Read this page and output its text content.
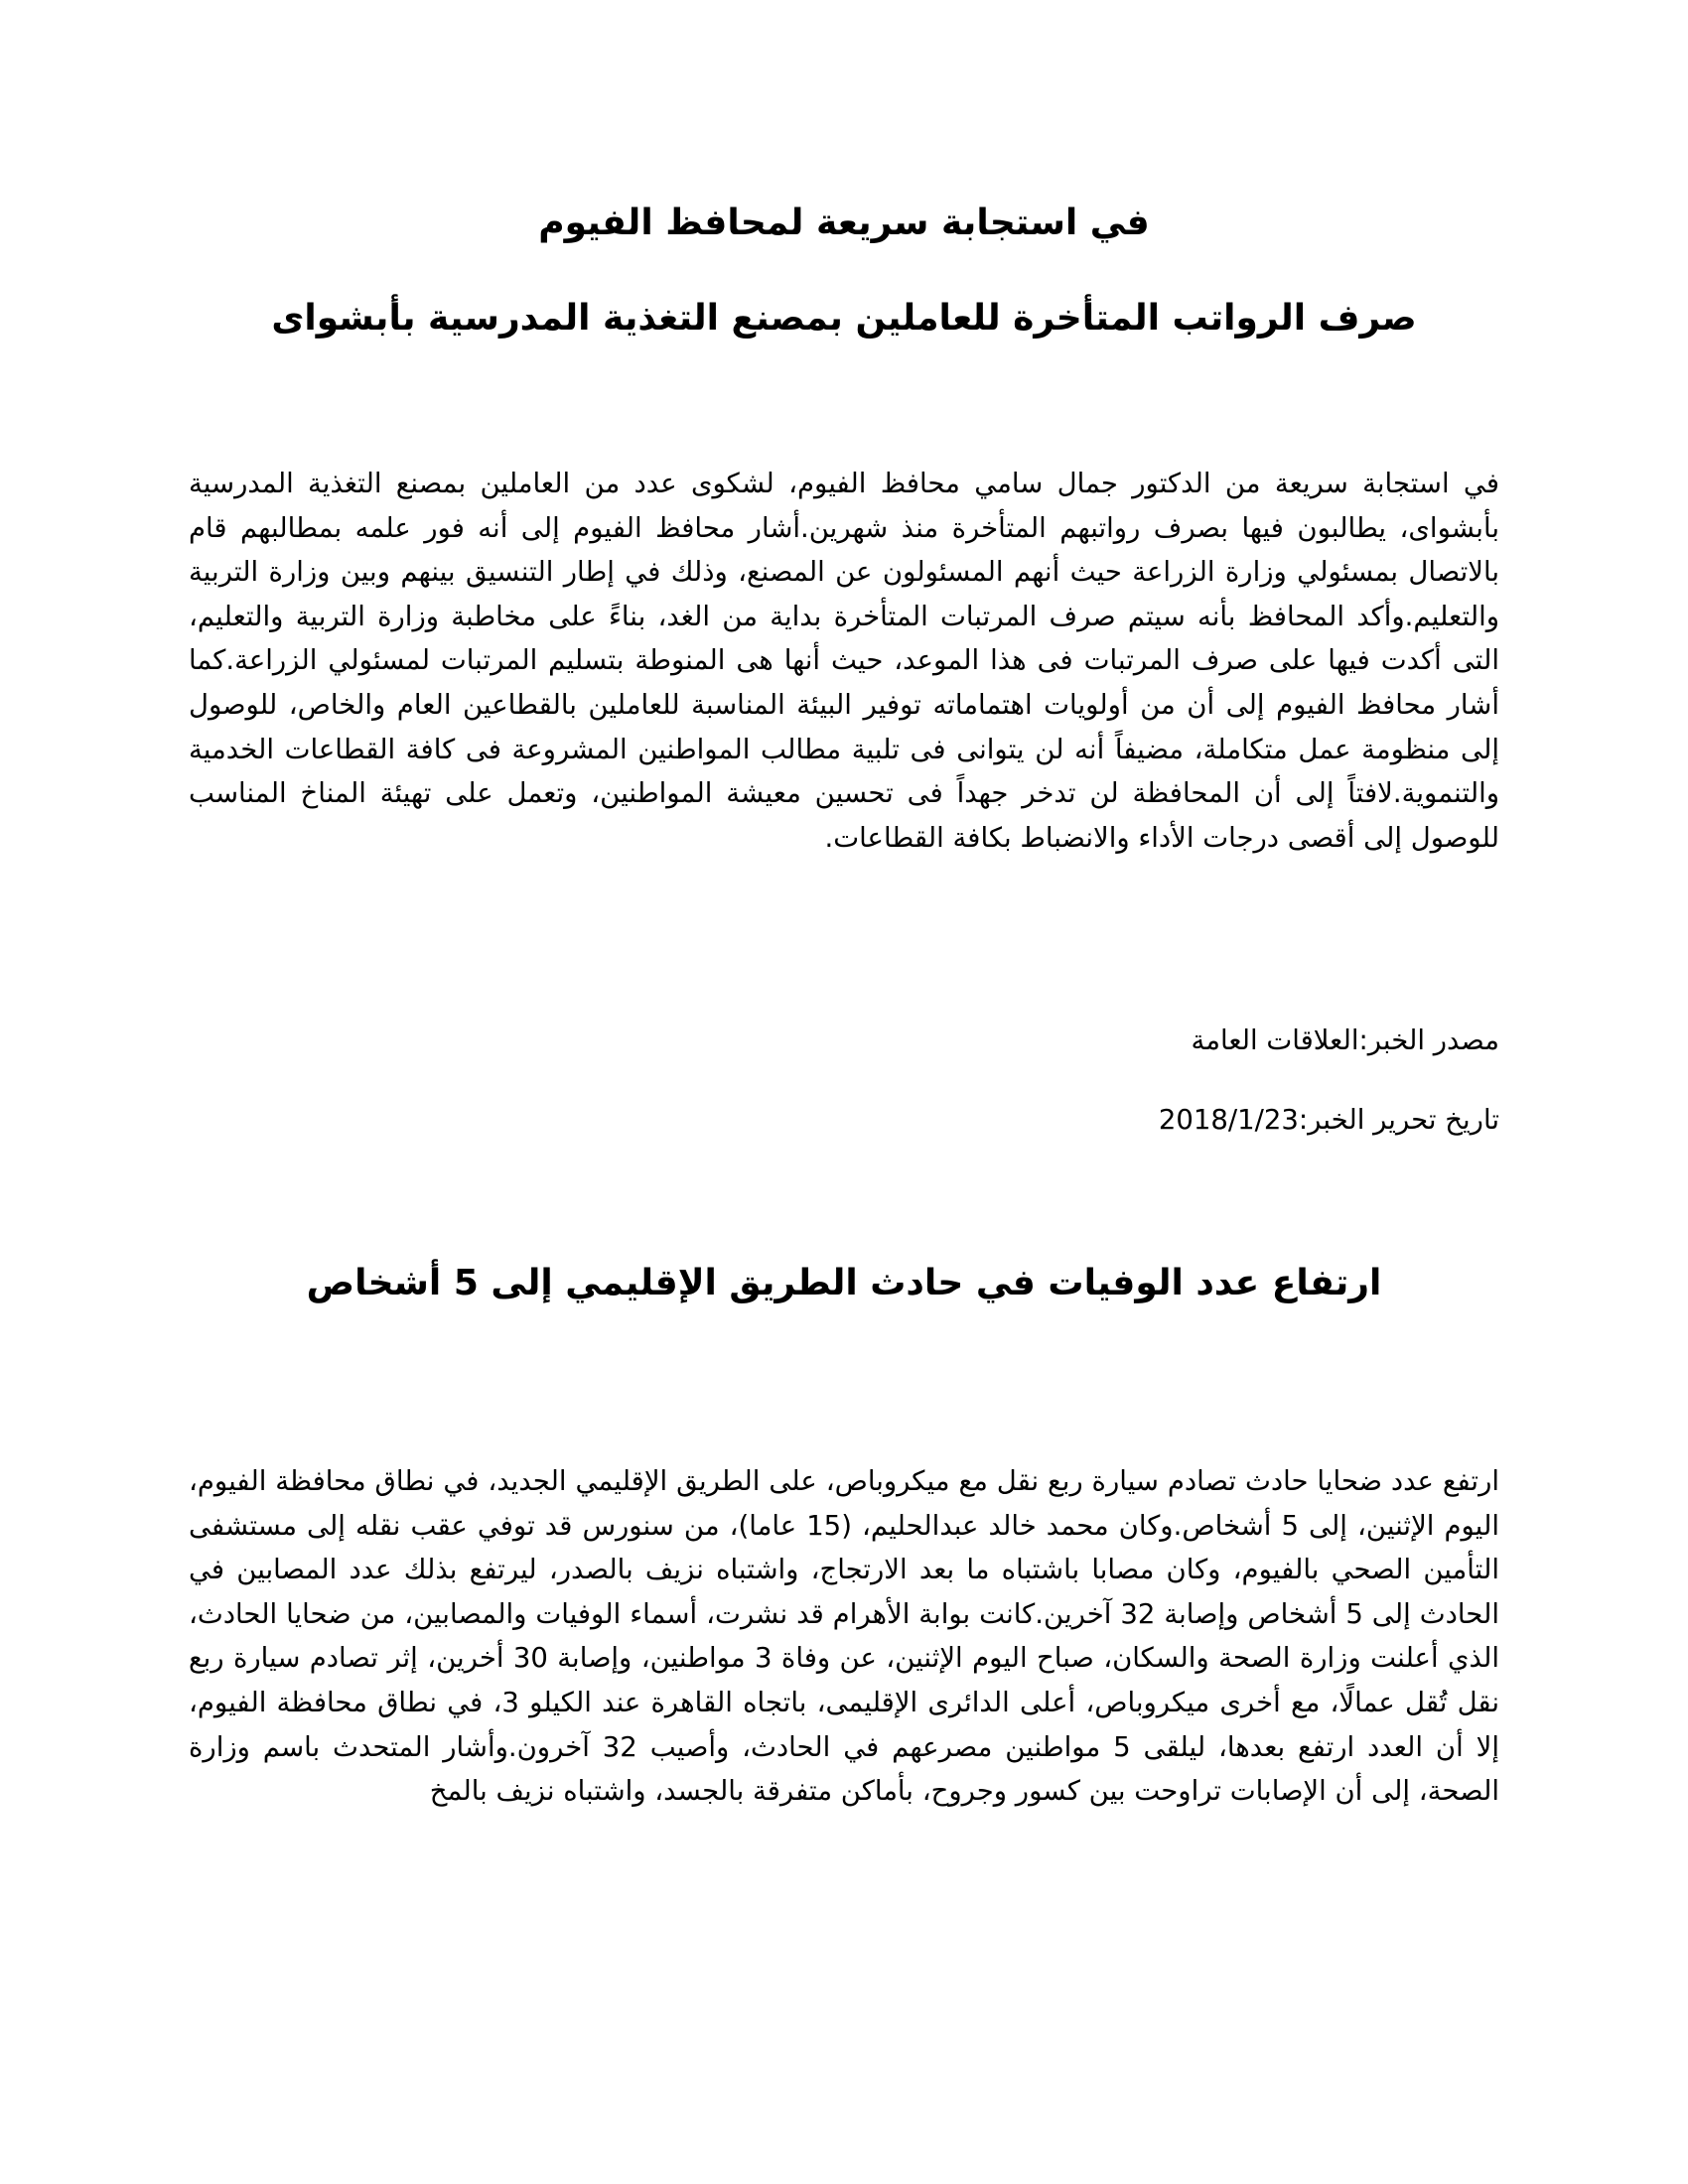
في استجابة سريعة لمحافظ الفيوم
صرف الرواتب المتأخرة للعاملين بمصنع التغذية المدرسية بأبشواى

في استجابة سريعة من الدكتور جمال سامي محافظ الفيوم، لشكوى عدد من العاملين بمصنع التغذية المدرسية بأبشواى، يطالبون فيها بصرف رواتبهم المتأخرة منذ شهرين.أشار محافظ الفيوم إلى أنه فور علمه بمطالبهم قام بالاتصال بمسئولي وزارة الزراعة حيث أنهم المسئولون عن المصنع، وذلك في إطار التنسيق بينهم وبين وزارة التربية والتعليم.وأكد المحافظ بأنه سيتم صرف المرتبات المتأخرة بداية من الغد، بناءً على مخاطبة وزارة التربية والتعليم، التى أكدت فيها على صرف المرتبات فى هذا الموعد، حيث أنها هى المنوطة بتسليم المرتبات لمسئولي الزراعة.كما أشار محافظ الفيوم إلى أن من أولويات اهتماماته توفير البيئة المناسبة للعاملين بالقطاعين العام والخاص، للوصول إلى منظومة عمل متكاملة، مضيفاً أنه لن يتوانى فى تلبية مطالب المواطنين المشروعة فى كافة القطاعات الخدمية والتنموية.لافتاً إلى أن المحافظة لن تدخر جهداً فى تحسين معيشة المواطنين، وتعمل على تهيئة المناخ المناسب للوصول إلى أقصى درجات الأداء والانضباط بكافة القطاعات.

مصدر الخبر:العلاقات العامة

تاريخ تحرير الخبر:2018/1/23

ارتفاع عدد الوفيات في حادث الطريق الإقليمي إلى 5 أشخاص

ارتفع عدد ضحايا حادث تصادم سيارة ربع نقل مع ميكروباص، على الطريق الإقليمي الجديد، في نطاق محافظة الفيوم، اليوم الإثنين، إلى 5 أشخاص.وكان محمد خالد عبدالحليم، (15 عاما)، من سنورس قد توفي عقب نقله إلى مستشفى التأمين الصحي بالفيوم، وكان مصابا باشتباه ما بعد الارتجاج، واشتباه نزيف بالصدر، ليرتفع بذلك عدد المصابين في الحادث إلى 5 أشخاص وإصابة 32 آخرين.كانت بوابة الأهرام قد نشرت، أسماء الوفيات والمصابين، من ضحايا الحادث، الذي أعلنت وزارة الصحة والسكان، صباح اليوم الإثنين، عن وفاة 3 مواطنين، وإصابة 30 أخرين، إثر تصادم سيارة ربع نقل تُقل عمالًا، مع أخرى ميكروباص، أعلى الدائرى الإقليمى، باتجاه القاهرة عند الكيلو 3، في نطاق محافظة الفيوم، إلا أن العدد ارتفع بعدها، ليلقى 5 مواطنين مصرعهم في الحادث، وأصيب 32 آخرون.وأشار المتحدث باسم وزارة الصحة، إلى أن الإصابات تراوحت بين كسور وجروح، بأماكن متفرقة بالجسد، واشتباه نزيف بالمخ
